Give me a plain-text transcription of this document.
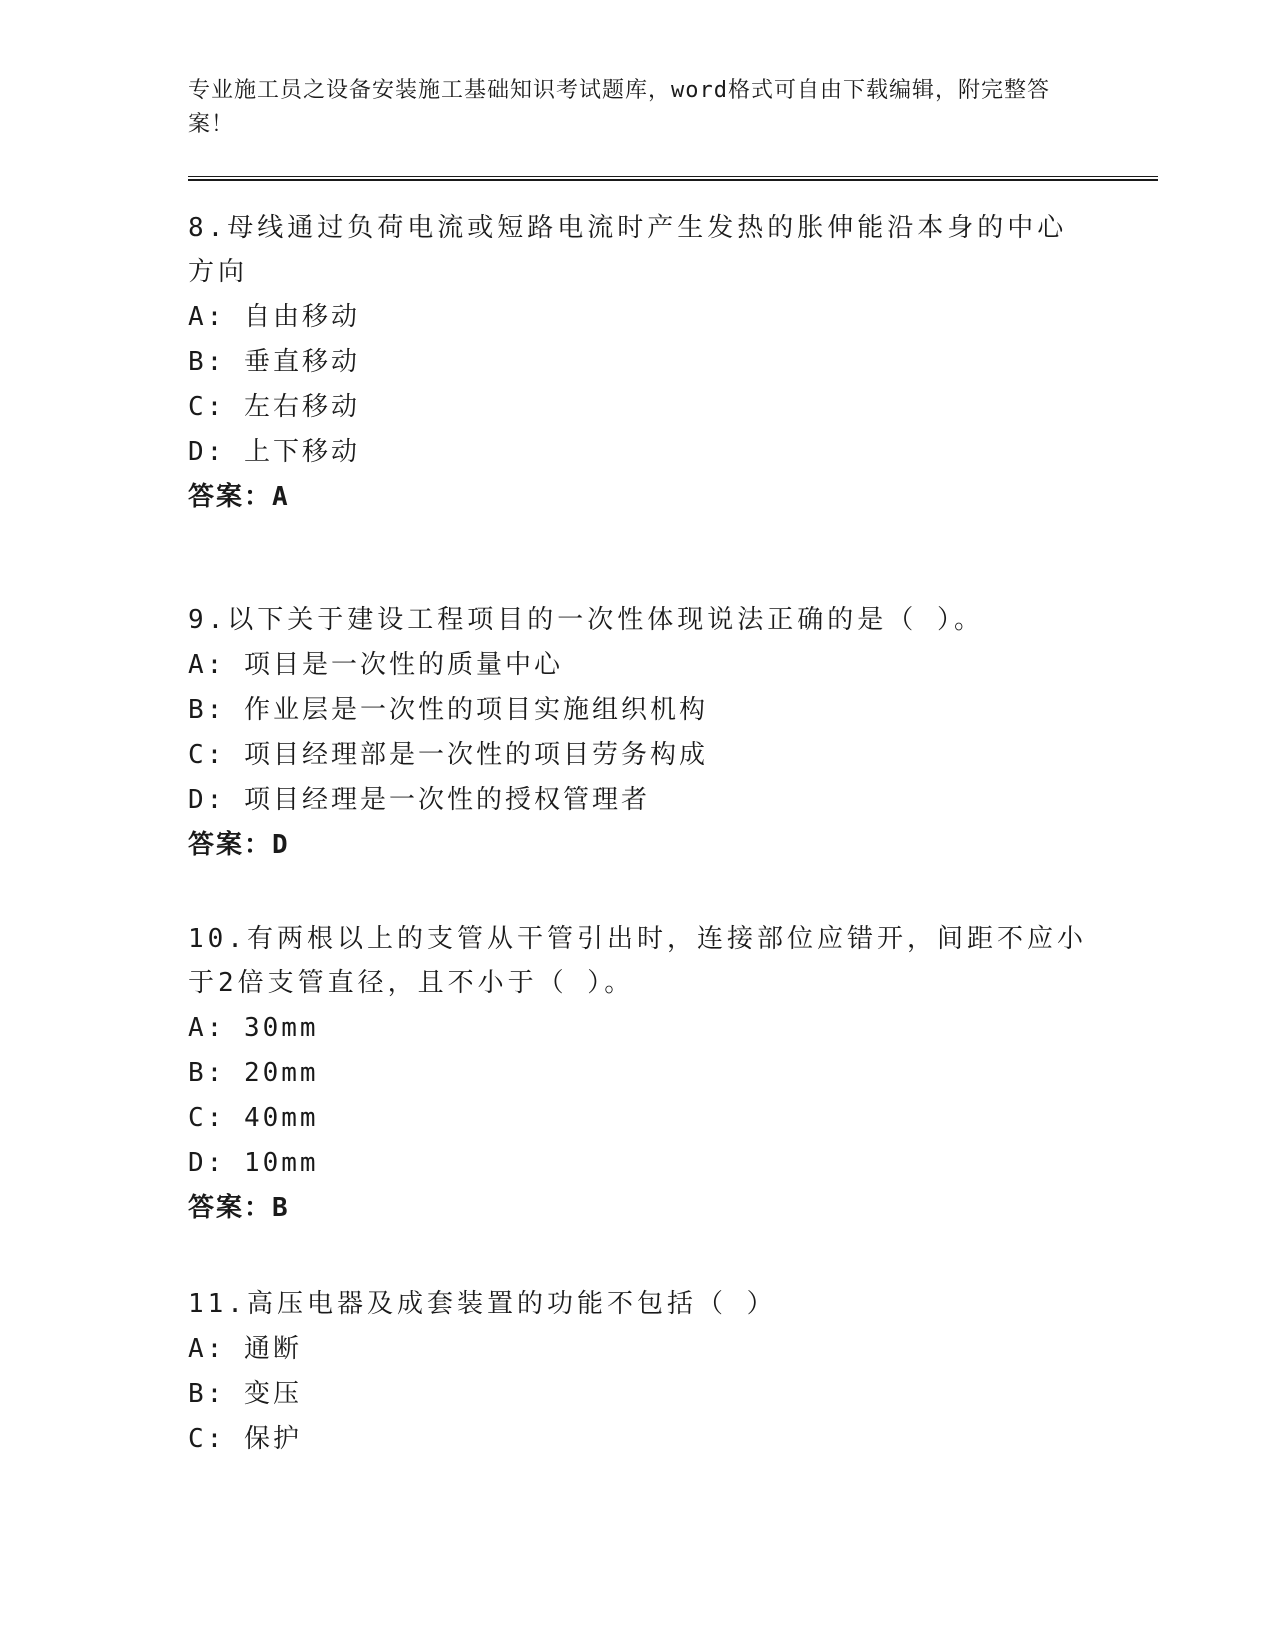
专业施工员之设备安装施工基础知识考试题库，word格式可自由下载编辑，附完整答案！
8.母线通过负荷电流或短路电流时产生发热的胀伸能沿本身的中心方向
A: 自由移动
B: 垂直移动
C: 左右移动
D: 上下移动
答案：A
9.以下关于建设工程项目的一次性体现说法正确的是（ ）。
A: 项目是一次性的质量中心
B: 作业层是一次性的项目实施组织机构
C: 项目经理部是一次性的项目劳务构成
D: 项目经理是一次性的授权管理者
答案：D
10.有两根以上的支管从干管引出时，连接部位应错开，间距不应小于2倍支管直径，且不小于（ ）。
A: 30mm
B: 20mm
C: 40mm
D: 10mm
答案：B
11.高压电器及成套装置的功能不包括（ ）
A: 通断
B: 变压
C: 保护
